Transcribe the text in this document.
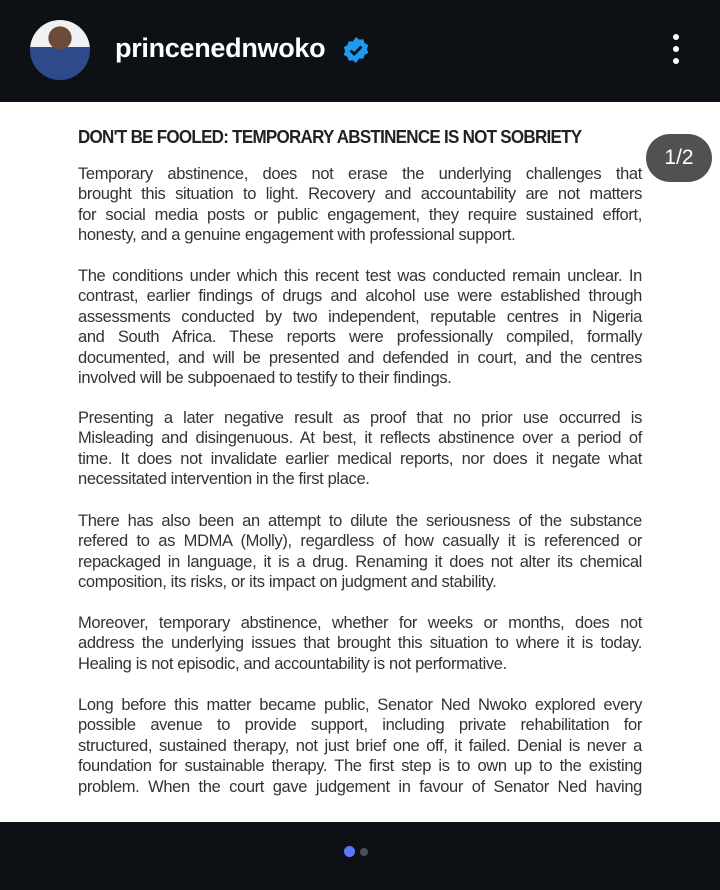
princenednwoko
DON'T BE FOOLED: TEMPORARY ABSTINENCE IS NOT SOBRIETY
Temporary abstinence, does not erase the underlying challenges that
brought this situation to light. Recovery and accountability are not matters
for social media posts or public engagement, they require sustained effort,
honesty, and a genuine engagement with professional support.
The conditions under which this recent test was conducted remain unclear. In
contrast, earlier findings of drugs and alcohol use were established through
assessments conducted by two independent, reputable centres in Nigeria
and South Africa. These reports were professionally compiled, formally
documented, and will be presented and defended in court, and the centres
involved will be subpoenaed to testify to their findings.
Presenting a later negative result as proof that no prior use occurred is
Misleading and disingenuous. At best, it reflects abstinence over a period of
time. It does not invalidate earlier medical reports, nor does it negate what
necessitated intervention in the first place.
There has also been an attempt to dilute the seriousness of the substance
refered to as MDMA (Molly), regardless of how casually it is referenced or
repackaged in language, it is a drug. Renaming it does not alter its chemical
composition, its risks, or its impact on judgment and stability.
Moreover, temporary abstinence, whether for weeks or months, does not
address the underlying issues that brought this situation to where it is today.
Healing is not episodic, and accountability is not performative.
Long before this matter became public, Senator Ned Nwoko explored every
possible avenue to provide support, including private rehabilitation for
structured, sustained therapy, not just brief one off, it failed. Denial is never a
foundation for sustainable therapy. The first step is to own up to the existing
problem. When the court gave judgement in favour of Senator Ned having
1/2
